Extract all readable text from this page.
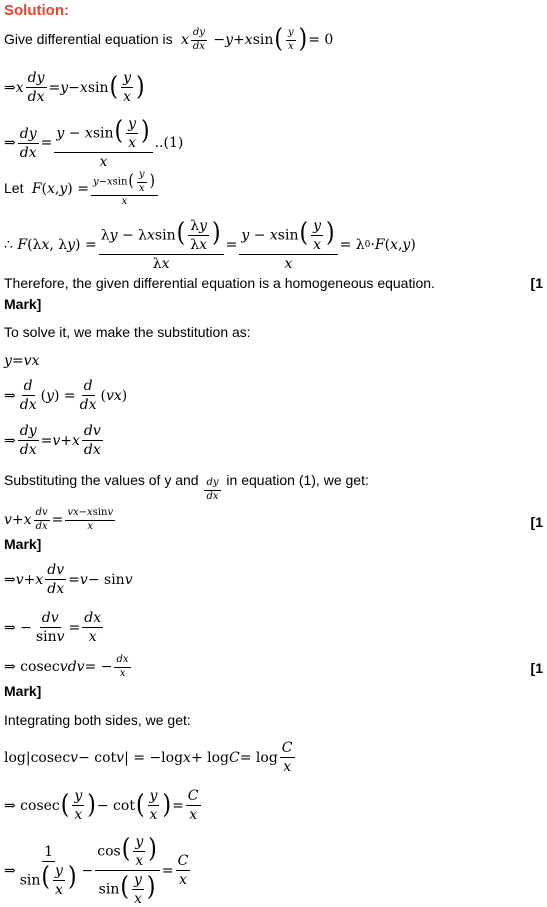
Solution:
Give differential equation is x $\frac{dy}{dx} - y + x$ sin ( $\frac{y}{x}$ ) = 0
⇒ x $\frac{dy}{dx} = y - x$ sin ( $\frac{y}{x}$ )
⇒ $\frac{dy}{dx} = \frac{y - xsin( \frac{y}{x} )}{x} ..(1)$
Let F ( x , y ) = $\frac{y-xsin( \frac{y}{x} )}{x}$
∴
F (λ x , λ y ) = $\frac{\lambda y - \lambda xsin( \frac{\lambda y}{\lambda x} )}{\lambda x} = \frac{y - xsin( \frac{y}{x} )}{x} = \lambda$ 0 · F ( x , y )
Therefore, the given differential equation is a homogeneous equation.	[1
Mark]
To solve it, we make the substitution as:
y = vx
⇒ $\frac{d}{dx}$ ( y ) = $\frac{d}{dx}$ ( vx )
⇒ $\frac{dy}{dx} = v + x \frac{dv}{dx}$
Substituting the values of y and $\frac{dy}{dx}$ in equation (1), we get:
v + x $\frac{dv}{dx} = \frac{vx-xsinv}{x}$	[1
Mark]
⇒ v + x $\frac{dv}{dx} = v - \sin v$
⇒ − $\frac{dv}{\sin v} = \frac{dx}{x}$
⇒ cosec v dv = − $\frac{dx}{x}$	[1
Mark]
Integrating both sides, we get:
log|cosec v − cot v | = −log $x + \log C = \log \frac{C}{x}$
⇒ cosec ( $\frac{y}{x}$ ) − cot ( $\frac{y}{x}$ ) = $\frac{C}{x}$
⇒ $\frac{1}{\sin( \frac{y}{x} )} - \frac{\cos( \frac{y}{x} )}{\sin( \frac{y}{x} )} = \frac{C}{x}$
